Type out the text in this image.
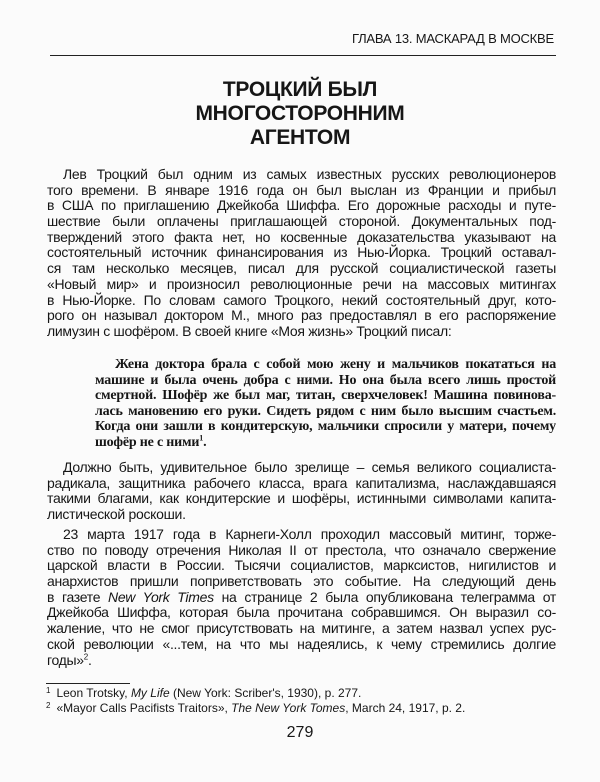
ГЛАВА 13. МАСКАРАД В МОСКВЕ
ТРОЦКИЙ БЫЛ
МНОГОСТОРОННИМ
АГЕНТОМ
Лев Троцкий был одним из самых известных русских революционеров
того времени. В январе 1916 года он был выслан из Франции и прибыл
в США по приглашению Джейкоба Шиффа. Его дорожные расходы и путе-
шествие были оплачены приглашающей стороной. Документальных под-
тверждений этого факта нет, но косвенные доказательства указывают на
состоятельный источник финансирования из Нью-Йорка. Троцкий оставал-
ся там несколько месяцев, писал для русской социалистической газеты
«Новый мир» и произносил революционные речи на массовых митингах
в Нью-Йорке. По словам самого Троцкого, некий состоятельный друг, кото-
рого он называл доктором М., много раз предоставлял в его распоряжение
лимузин с шофёром. В своей книге «Моя жизнь» Троцкий писал:
Жена доктора брала с собой мою жену и мальчиков покататься на
машине и была очень добра с ними. Но она была всего лишь простой
смертной. Шофёр же был маг, титан, сверхчеловек! Машина повинова-
лась мановению его руки. Сидеть рядом с ним было высшим счастьем.
Когда они зашли в кондитерскую, мальчики спросили у матери, почему
шофёр не с ними$^1$.
Должно быть, удивительное было зрелище – семья великого социалиста-
радикала, защитника рабочего класса, врага капитализма, наслаждавшаяся
такими благами, как кондитерские и шофёры, истинными символами капита-
листической роскоши.
23 марта 1917 года в Карнеги-Холл проходил массовый митинг, торже-
ство по поводу отречения Николая II от престола, что означало свержение
царской власти в России. Тысячи социалистов, марксистов, нигилистов и
анархистов пришли поприветствовать это событие. На следующий день
в газете New York Times на странице 2 была опубликована телеграмма от
Джейкоба Шиффа, которая была прочитана собравшимся. Он выразил со-
жаление, что не смог присутствовать на митинге, а затем назвал успех рус-
ской революции «...тем, на что мы надеялись, к чему стремились долгие
годы»$^2$.
$^1$ Leon Trotsky, My Life (New York: Scriber's, 1930), p. 277.
$^2$ «Mayor Calls Pacifists Traitors», The New York Tomes, March 24, 1917, p. 2.
279
